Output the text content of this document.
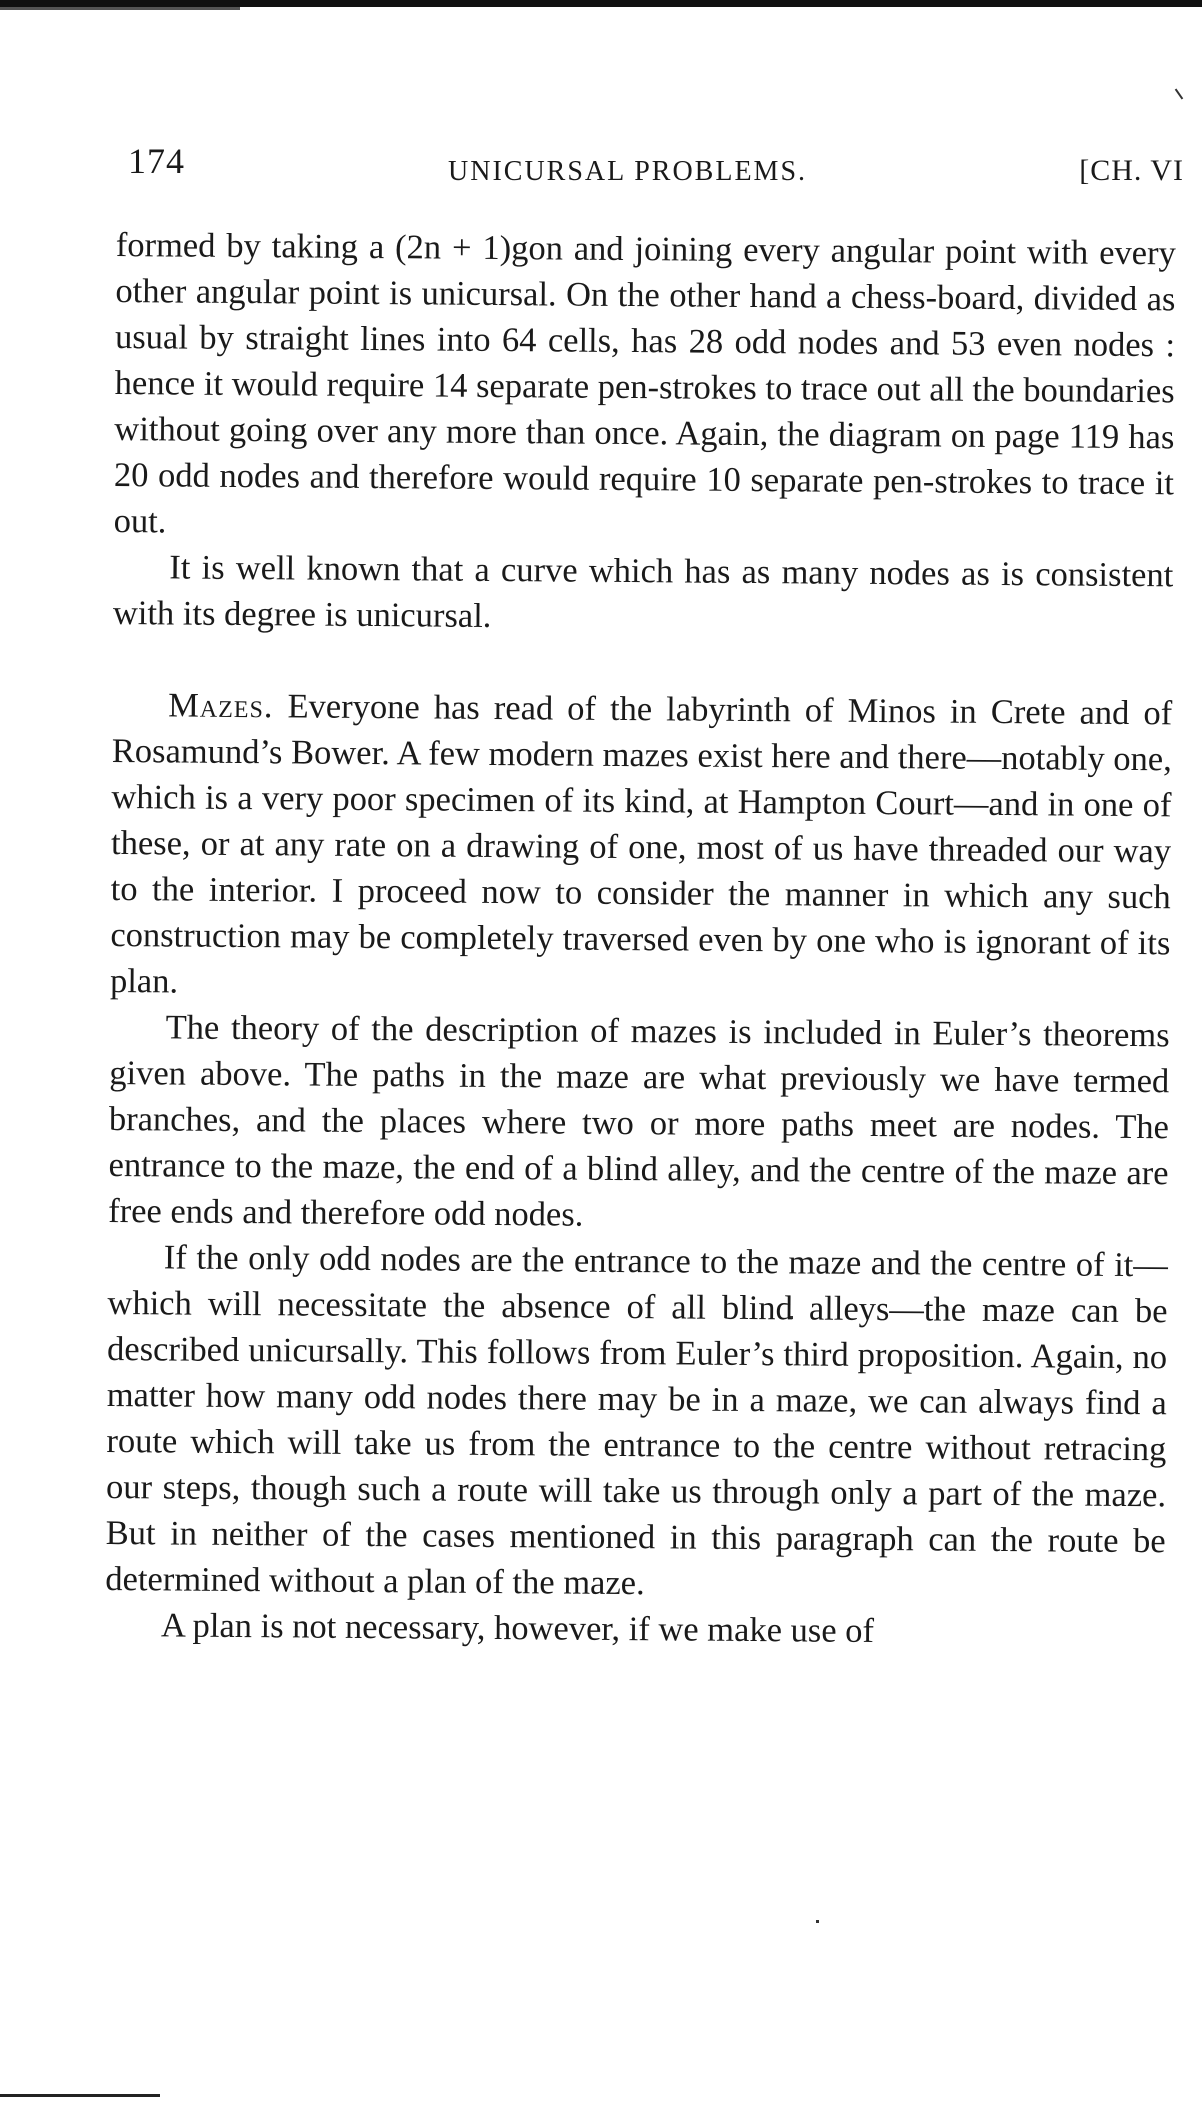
174	UNICURSAL PROBLEMS.	[CH. VI

formed by taking a (2n + 1)gon and joining every angular point with every other angular point is unicursal. On the other hand a chess-board, divided as usual by straight lines into 64 cells, has 28 odd nodes and 53 even nodes : hence it would require 14 separate pen-strokes to trace out all the boundaries without going over any more than once. Again, the diagram on page 119 has 20 odd nodes and therefore would require 10 separate pen-strokes to trace it out.

It is well known that a curve which has as many nodes as is consistent with its degree is unicursal.

Mazes. Everyone has read of the labyrinth of Minos in Crete and of Rosamund’s Bower. A few modern mazes exist here and there—notably one, which is a very poor specimen of its kind, at Hampton Court—and in one of these, or at any rate on a drawing of one, most of us have threaded our way to the interior. I proceed now to consider the manner in which any such construction may be completely traversed even by one who is ignorant of its plan.

The theory of the description of mazes is included in Euler’s theorems given above. The paths in the maze are what previously we have termed branches, and the places where two or more paths meet are nodes. The entrance to the maze, the end of a blind alley, and the centre of the maze are free ends and therefore odd nodes.

If the only odd nodes are the entrance to the maze and the centre of it—which will necessitate the absence of all blind alleys—the maze can be described unicursally. This follows from Euler’s third proposition. Again, no matter how many odd nodes there may be in a maze, we can always find a route which will take us from the entrance to the centre without retracing our steps, though such a route will take us through only a part of the maze. But in neither of the cases mentioned in this paragraph can the route be determined without a plan of the maze.

A plan is not necessary, however, if we make use of
